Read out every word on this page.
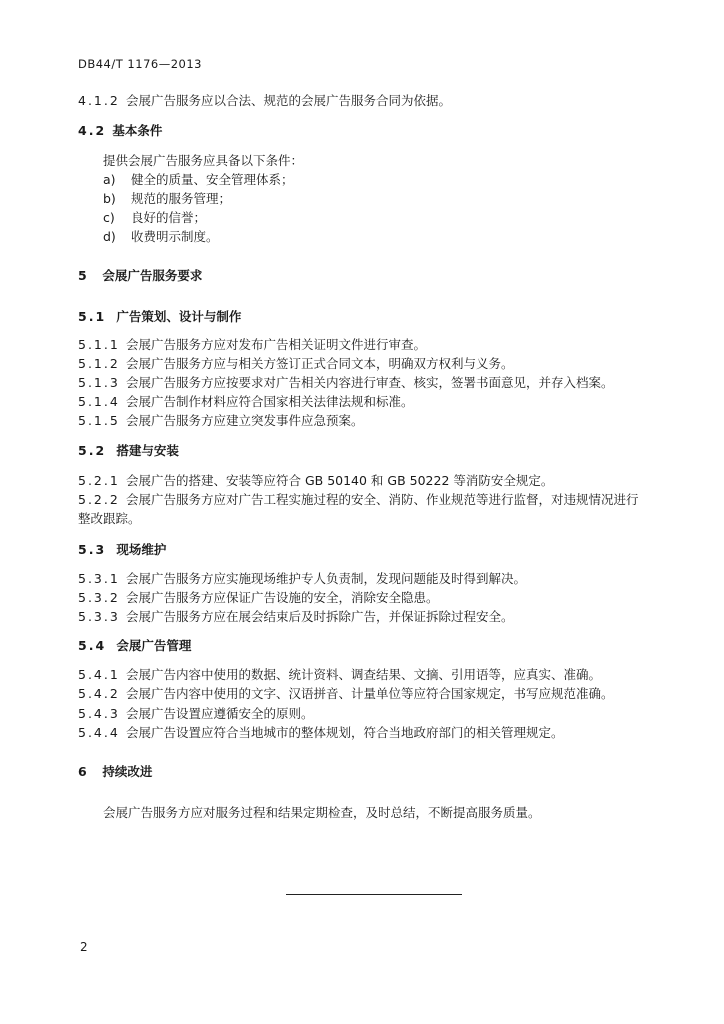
DB44/T 1176—2013
4.1.2 会展广告服务应以合法、规范的会展广告服务合同为依据。
4.2 基本条件
提供会展广告服务应具备以下条件：
a) 健全的质量、安全管理体系；
b) 规范的服务管理；
c) 良好的信誉；
d) 收费明示制度。
5 会展广告服务要求
5.1 广告策划、设计与制作
5.1.1 会展广告服务方应对发布广告相关证明文件进行审查。
5.1.2 会展广告服务方应与相关方签订正式合同文本，明确双方权利与义务。
5.1.3 会展广告服务方应按要求对广告相关内容进行审查、核实，签署书面意见，并存入档案。
5.1.4 会展广告制作材料应符合国家相关法律法规和标准。
5.1.5 会展广告服务方应建立突发事件应急预案。
5.2 搭建与安装
5.2.1 会展广告的搭建、安装等应符合 GB 50140 和 GB 50222 等消防安全规定。
5.2.2 会展广告服务方应对广告工程实施过程的安全、消防、作业规范等进行监督，对违规情况进行
整改跟踪。
5.3 现场维护
5.3.1 会展广告服务方应实施现场维护专人负责制，发现问题能及时得到解决。
5.3.2 会展广告服务方应保证广告设施的安全，消除安全隐患。
5.3.3 会展广告服务方应在展会结束后及时拆除广告，并保证拆除过程安全。
5.4 会展广告管理
5.4.1 会展广告内容中使用的数据、统计资料、调查结果、文摘、引用语等，应真实、准确。
5.4.2 会展广告内容中使用的文字、汉语拼音、计量单位等应符合国家规定，书写应规范准确。
5.4.3 会展广告设置应遵循安全的原则。
5.4.4 会展广告设置应符合当地城市的整体规划，符合当地政府部门的相关管理规定。
6 持续改进
会展广告服务方应对服务过程和结果定期检查，及时总结，不断提高服务质量。
2
